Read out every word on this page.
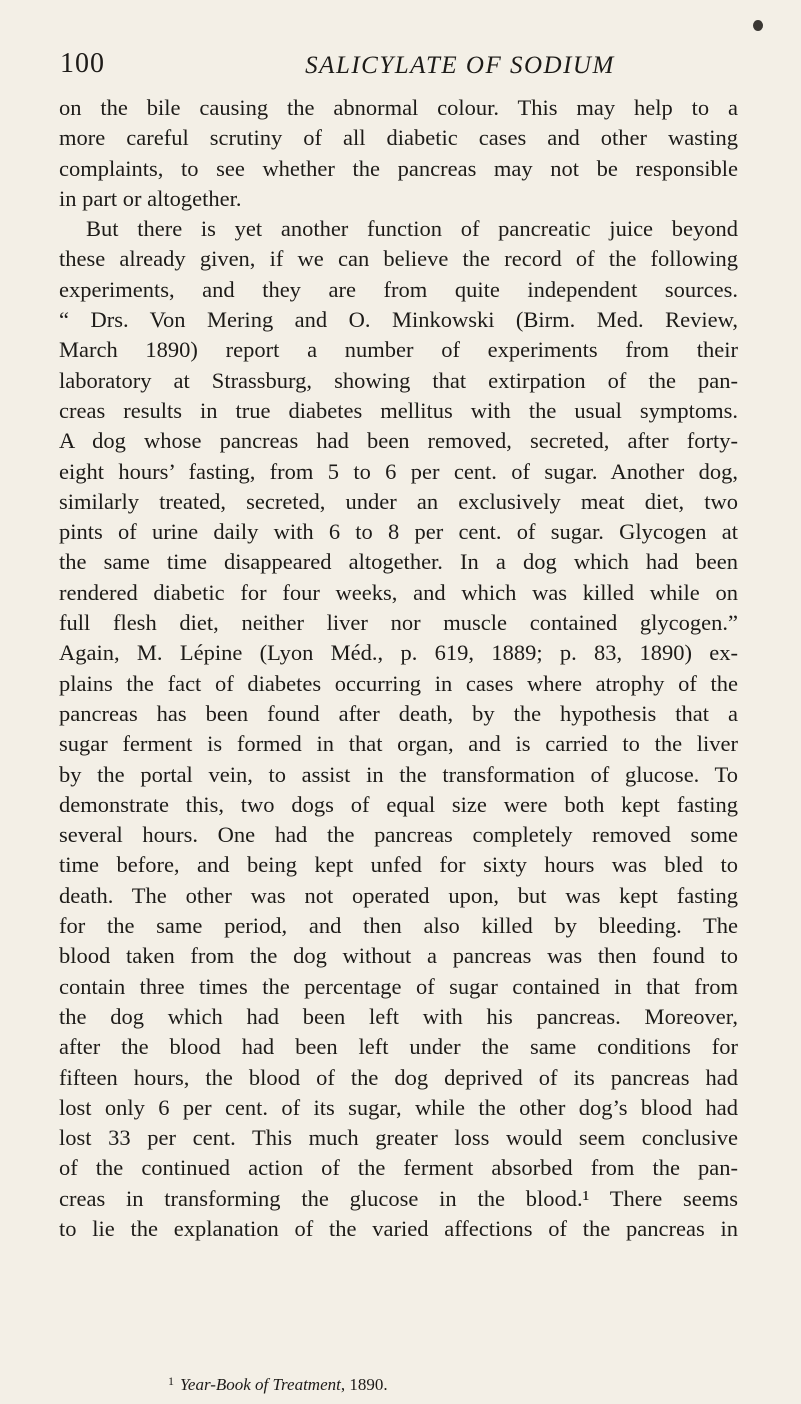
100	SALICYLATE OF SODIUM
on the bile causing the abnormal colour. This may help to a
more careful scrutiny of all diabetic cases and other wasting
complaints, to see whether the pancreas may not be responsible
in part or altogether.
But there is yet another function of pancreatic juice beyond
these already given, if we can believe the record of the following
experiments, and they are from quite independent sources.
“ Drs. Von Mering and O. Minkowski (Birm. Med. Review,
March 1890) report a number of experiments from their
laboratory at Strassburg, showing that extirpation of the pan-
creas results in true diabetes mellitus with the usual symptoms.
A dog whose pancreas had been removed, secreted, after forty-
eight hours’ fasting, from 5 to 6 per cent. of sugar. Another dog,
similarly treated, secreted, under an exclusively meat diet, two
pints of urine daily with 6 to 8 per cent. of sugar. Glycogen at
the same time disappeared altogether. In a dog which had been
rendered diabetic for four weeks, and which was killed while on
full flesh diet, neither liver nor muscle contained glycogen.”
Again, M. Lépine (Lyon Méd., p. 619, 1889; p. 83, 1890) ex-
plains the fact of diabetes occurring in cases where atrophy of the
pancreas has been found after death, by the hypothesis that a
sugar ferment is formed in that organ, and is carried to the liver
by the portal vein, to assist in the transformation of glucose. To
demonstrate this, two dogs of equal size were both kept fasting
several hours. One had the pancreas completely removed some
time before, and being kept unfed for sixty hours was bled to
death. The other was not operated upon, but was kept fasting
for the same period, and then also killed by bleeding. The
blood taken from the dog without a pancreas was then found to
contain three times the percentage of sugar contained in that from
the dog which had been left with his pancreas. Moreover,
after the blood had been left under the same conditions for
fifteen hours, the blood of the dog deprived of its pancreas had
lost only 6 per cent. of its sugar, while the other dog’s blood had
lost 33 per cent. This much greater loss would seem conclusive
of the continued action of the ferment absorbed from the pan-
creas in transforming the glucose in the blood.¹ There seems
to lie the explanation of the varied affections of the pancreas in
$^1$ Year-Book of Treatment, 1890.
